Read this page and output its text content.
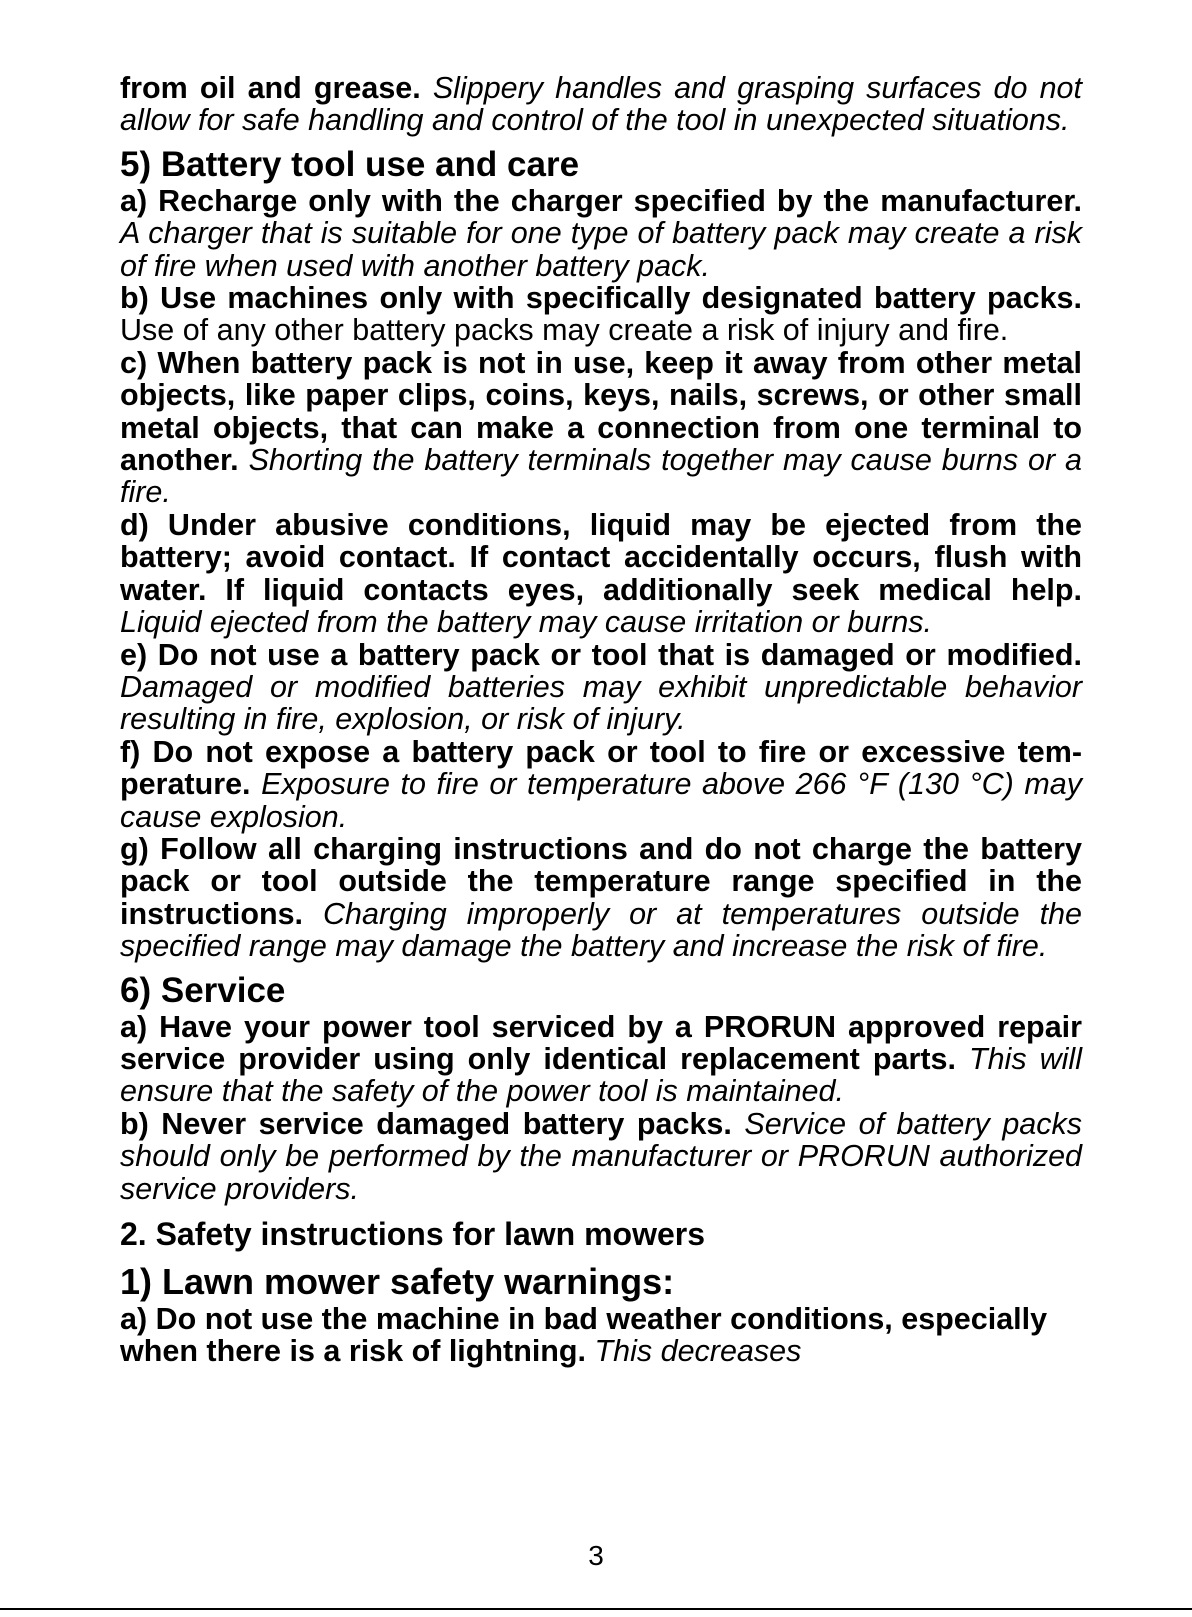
from oil and grease. Slippery handles and grasping surfaces do not allow for safe handling and control of the tool in unexpected situations.

5) Battery tool use and care

a) Recharge only with the charger specified by the manufacturer. A charger that is suitable for one type of battery pack may create a risk of fire when used with another battery pack.

b) Use machines only with specifically designated battery packs. Use of any other battery packs may create a risk of injury and fire.

c) When battery pack is not in use, keep it away from other metal objects, like paper clips, coins, keys, nails, screws, or other small metal objects, that can make a connection from one terminal to another. Shorting the battery terminals together may cause burns or a fire.

d) Under abusive conditions, liquid may be ejected from the battery; avoid contact. If contact accidentally occurs, flush with water. If liquid contacts eyes, additionally seek medical help. Liquid ejected from the battery may cause irritation or burns.

e) Do not use a battery pack or tool that is damaged or modified. Damaged or modified batteries may exhibit unpredictable behavior resulting in fire, explosion, or risk of injury.

f) Do not expose a battery pack or tool to fire or excessive temperature. Exposure to fire or temperature above 266 °F (130 °C) may cause explosion.

g) Follow all charging instructions and do not charge the battery pack or tool outside the temperature range specified in the instructions. Charging improperly or at temperatures outside the specified range may damage the battery and increase the risk of fire.

6) Service

a) Have your power tool serviced by a PRORUN approved repair service provider using only identical replacement parts. This will ensure that the safety of the power tool is maintained.

b) Never service damaged battery packs. Service of battery packs should only be performed by the manufacturer or PRORUN authorized service providers.

2. Safety instructions for lawn mowers
1) Lawn mower safety warnings:

a) Do not use the machine in bad weather conditions, especially when there is a risk of lightning. This decreases

3
